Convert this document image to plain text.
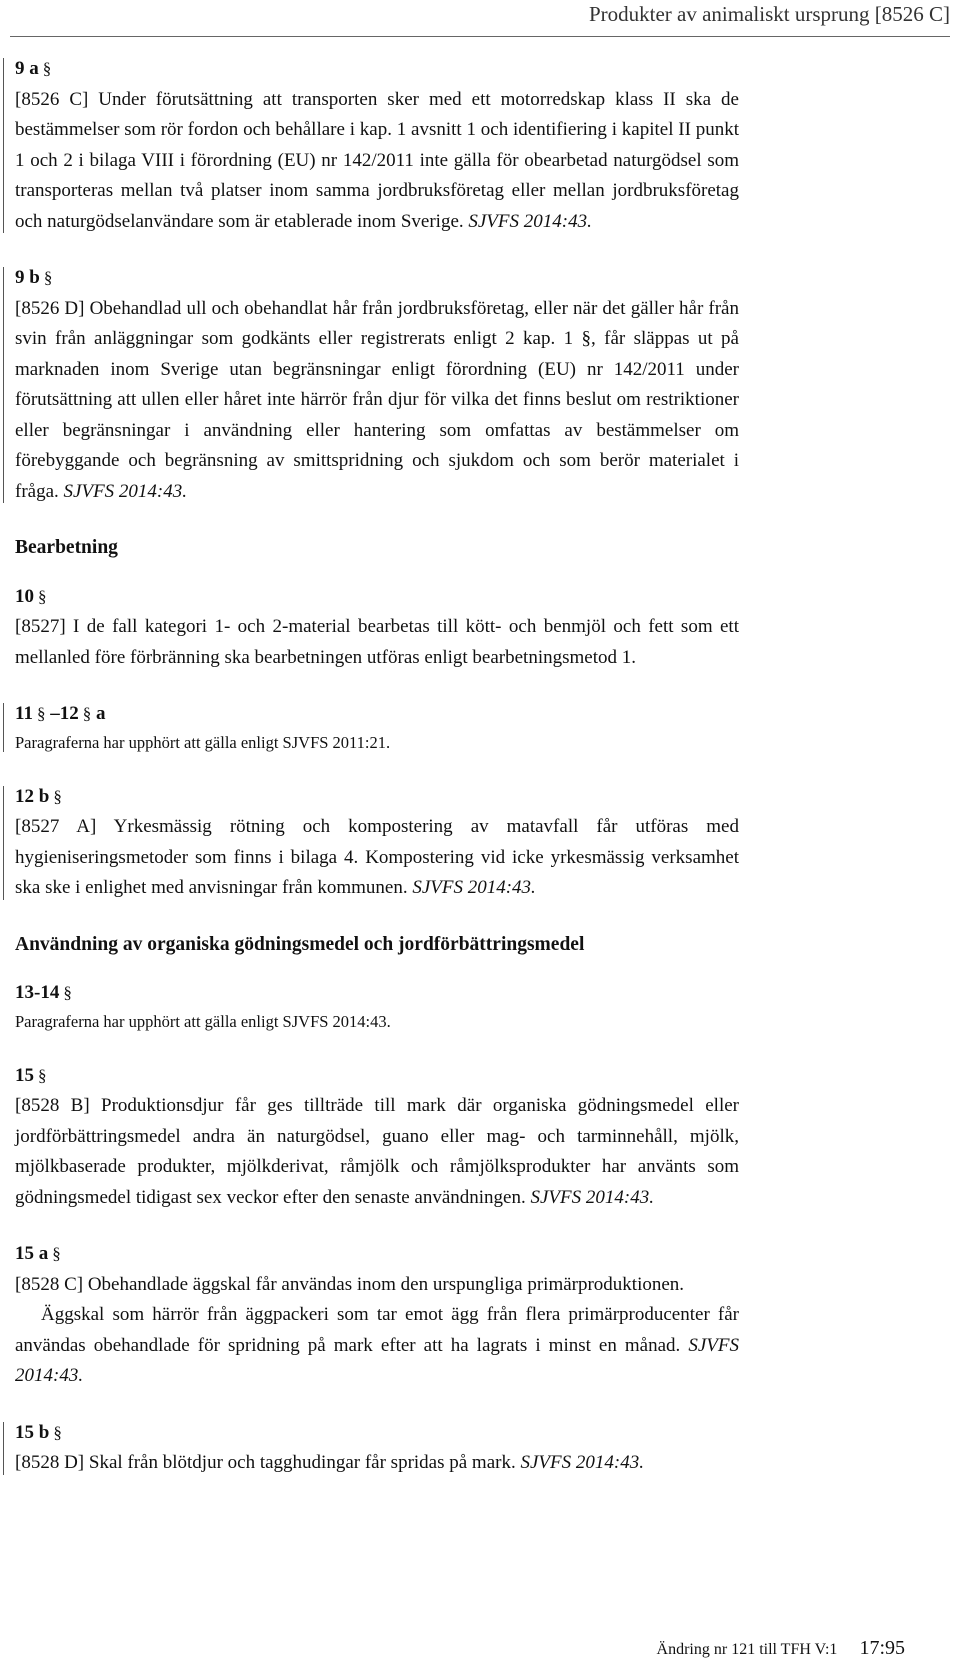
Produkter av animaliskt ursprung [8526 C]

9 a §

[8526 C] Under förutsättning att transporten sker med ett motorredskap klass II ska de bestämmelser som rör fordon och behållare i kap. 1 avsnitt 1 och identifiering i kapitel II punkt 1 och 2 i bilaga VIII i förordning (EU) nr 142/2011 inte gälla för obearbetad naturgödsel som transporteras mellan två platser inom samma jordbruksföretag eller mellan jordbruksföretag och naturgödselanvändare som är etablerade inom Sverige. SJVFS 2014:43.

9 b §

[8526 D] Obehandlad ull och obehandlat hår från jordbruksföretag, eller när det gäller hår från svin från anläggningar som godkänts eller registrerats enligt 2 kap. 1 §, får släppas ut på marknaden inom Sverige utan begränsningar enligt förordning (EU) nr 142/2011 under förutsättning att ullen eller håret inte härrör från djur för vilka det finns beslut om restriktioner eller begränsningar i användning eller hantering som omfattas av bestämmelser om förebyggande och begränsning av smittspridning och sjukdom och som berör materialet i fråga. SJVFS 2014:43.

Bearbetning

10 §

[8527] I de fall kategori 1- och 2-material bearbetas till kött- och benmjöl och fett som ett mellanled före förbränning ska bearbetningen utföras enligt bearbetningsmetod 1.

11 § –12 § a

Paragraferna har upphört att gälla enligt SJVFS 2011:21.

12 b §

[8527 A] Yrkesmässig rötning och kompostering av matavfall får utföras med hygieniseringsmetoder som finns i bilaga 4. Kompostering vid icke yrkesmässig verksamhet ska ske i enlighet med anvisningar från kommunen. SJVFS 2014:43.

Användning av organiska gödningsmedel och jordförbättringsmedel

13-14 §

Paragraferna har upphört att gälla enligt SJVFS 2014:43.

15 §

[8528 B] Produktionsdjur får ges tillträde till mark där organiska gödningsmedel eller jordförbättringsmedel andra än naturgödsel, guano eller mag- och tarminnehåll, mjölk, mjölkbaserade produkter, mjölkderivat, råmjölk och råmjölksprodukter har använts som gödningsmedel tidigast sex veckor efter den senaste användningen. SJVFS 2014:43.

15 a §

[8528 C] Obehandlade äggskal får användas inom den urspungliga primärproduktionen.

Äggskal som härrör från äggpackeri som tar emot ägg från flera primärproducenter får användas obehandlade för spridning på mark efter att ha lagrats i minst en månad. SJVFS 2014:43.

15 b §

[8528 D] Skal från blötdjur och tagghudingar får spridas på mark. SJVFS 2014:43.

Ändring nr 121 till TFH V:1 17:95
